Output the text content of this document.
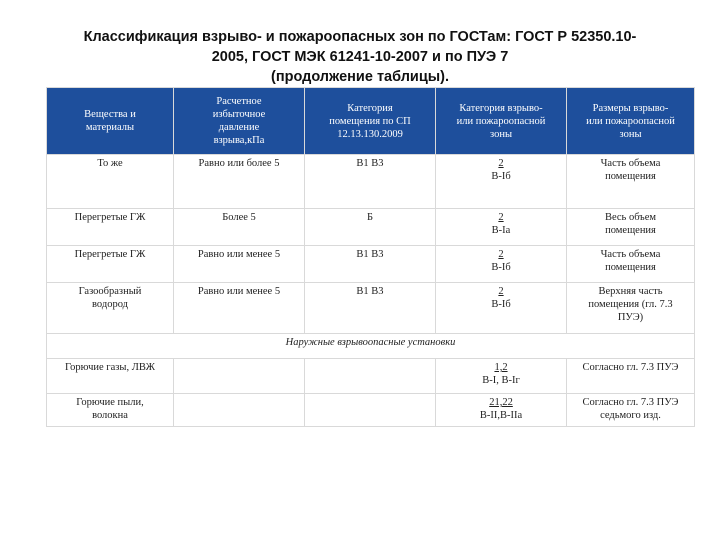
Классификация взрыво- и пожароопасных зон по ГОСТам: ГОСТ Р 52350.10-
2005, ГОСТ МЭК 61241-10-2007 и по ПУЭ 7
(продолжение таблицы).
Вещества и
материалы	Расчетное
избыточное
давление
взрыва,кПа	Категория
помещения по СП
12.13.130.2009	Категория взрыво-
или пожароопасной
зоны	Размеры взрыво-
или пожароопасной
зоны

То же	Равно или более 5	В1 В3	2
В-Iб	Часть объема
помещения

Перегретые ГЖ	Более 5	Б	2
В-Iа	Весь объем
помещения

Перегретые ГЖ	Равно или менее 5	В1 В3	2
В-Iб	Часть объема
помещения

Газообразный
водород	Равно или менее 5	В1 В3	2
В-Iб	Верхняя часть
помещения (гл. 7.3
ПУЭ)

Наружные взрывоопасные установки				

Горючие газы, ЛВЖ			1,2
В-I, В-Iг	Согласно гл. 7.3 ПУЭ

Горючие пыли,
волокна			21,22
В-II,В-IIа	Согласно гл. 7.3 ПУЭ
седьмого изд.
